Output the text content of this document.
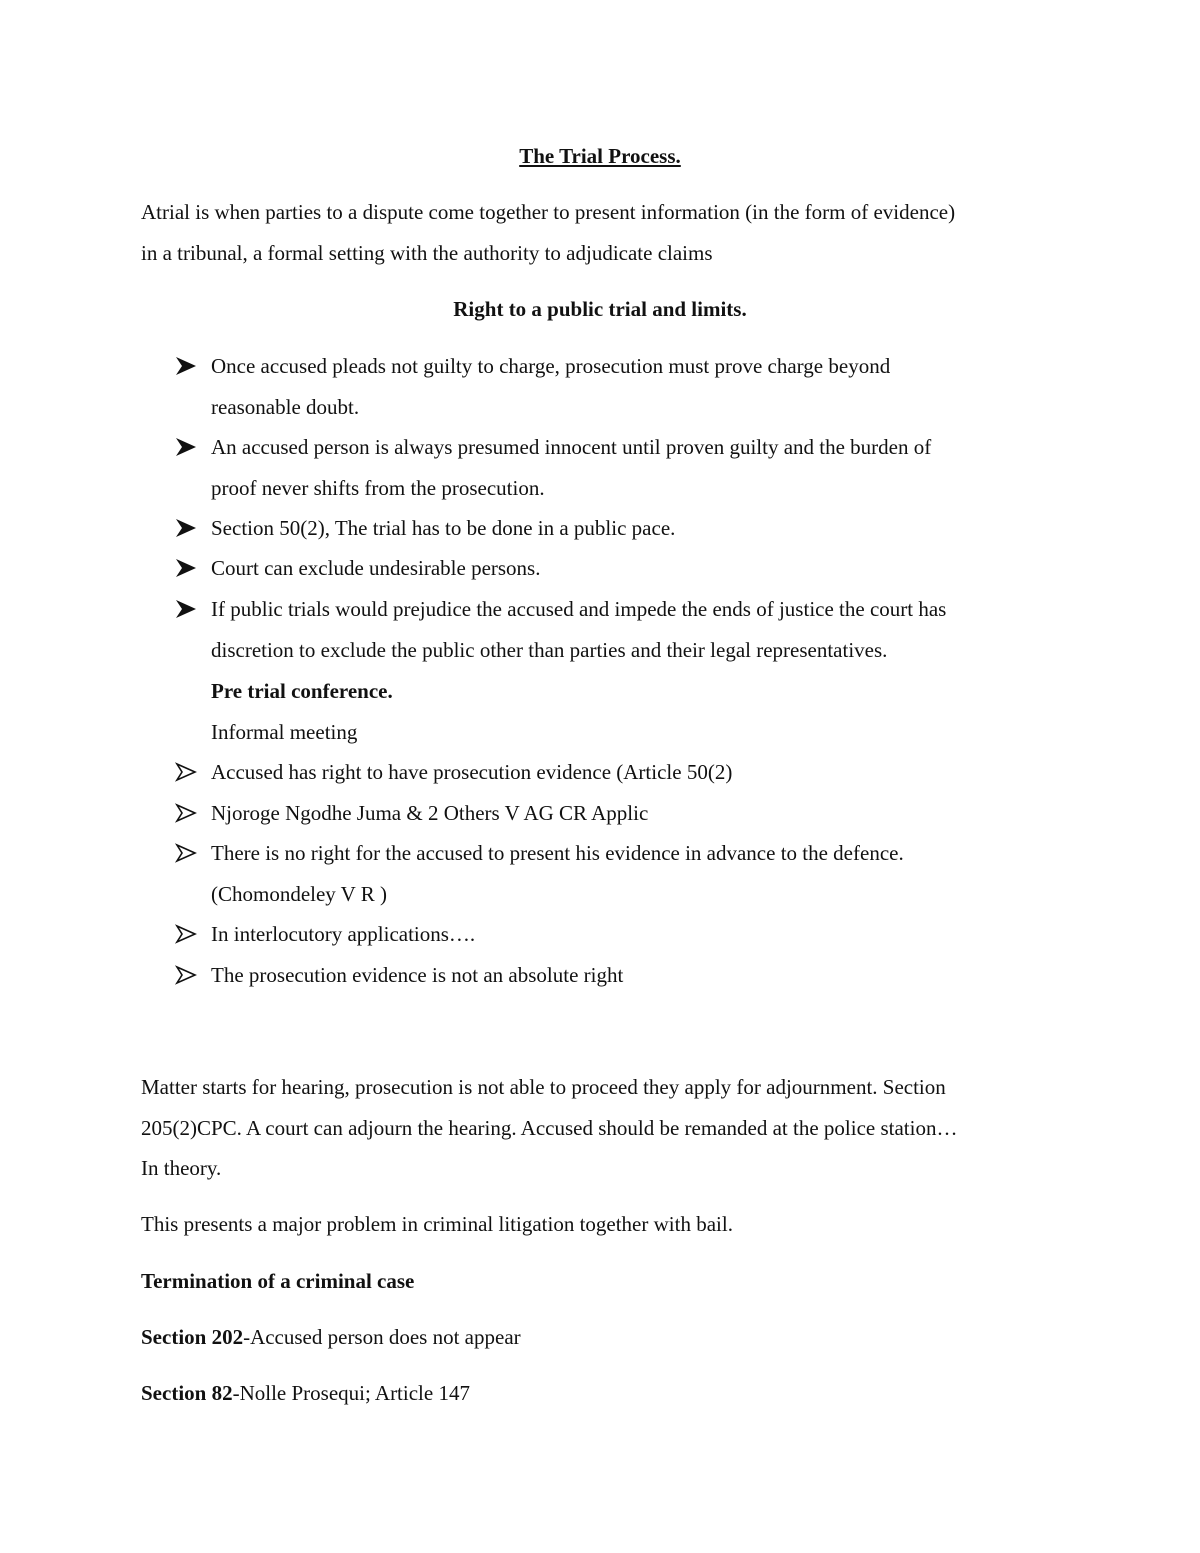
The Trial Process.
Atrial is when parties to a dispute come together to present information (in the form of evidence)
in a tribunal, a formal setting with the authority to adjudicate claims
Right to a public trial and limits.
Once accused pleads not guilty to charge, prosecution must prove charge beyond
reasonable doubt.
An accused person is always presumed innocent until proven guilty and the burden of
proof never shifts from the prosecution.
Section 50(2), The trial has to be done in a public pace.
Court can exclude undesirable persons.
If public trials would prejudice the accused and impede the ends of justice the court has
discretion to exclude the public other than parties and their legal representatives.
Pre trial conference.
Informal meeting
Accused has right to have prosecution evidence (Article 50(2)
Njoroge Ngodhe Juma & 2 Others V AG CR Applic
There is no right for the accused to present his evidence in advance to the defence.
(Chomondeley V R )
In interlocutory applications….
The prosecution evidence is not an absolute right
Matter starts for hearing, prosecution is not able to proceed they apply for adjournment. Section
205(2)CPC. A court can adjourn the hearing. Accused should be remanded at the police station…
In theory.
This presents a major problem in criminal litigation together with bail.
Termination of a criminal case
Section 202-Accused person does not appear
Section 82-Nolle Prosequi; Article 147
